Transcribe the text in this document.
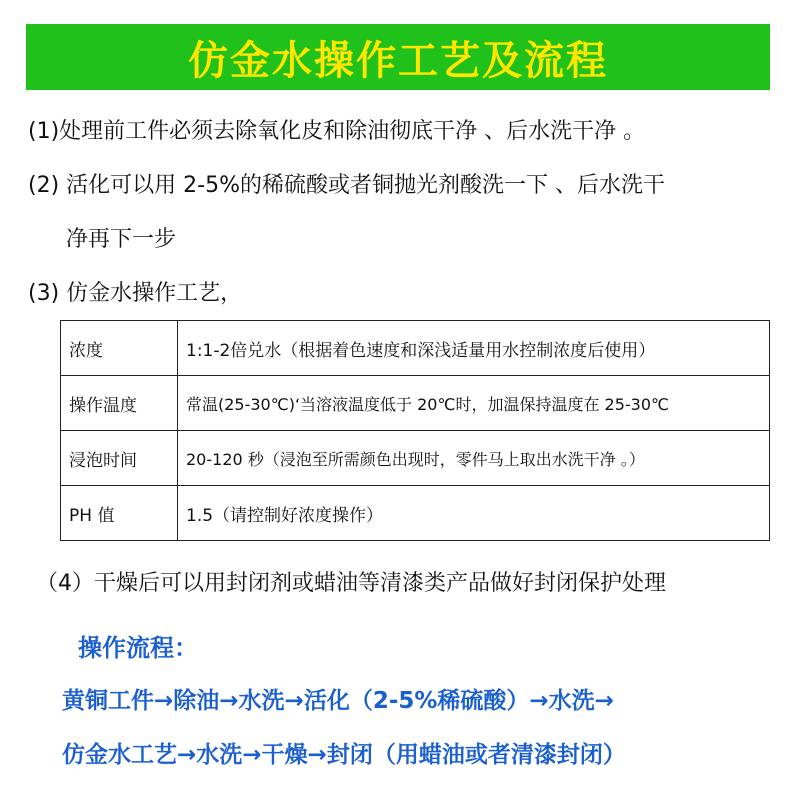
仿金水操作工艺及流程
(1)处理前工件必须去除氧化皮和除油彻底干净 、后水洗干净 。
(2) 活化可以用 2-5%的稀硫酸或者铜抛光剂酸洗一下 、后水洗干
净再下一步
(3) 仿金水操作工艺，
浓度	1:1-2倍兑水（根据着色速度和深浅适量用水控制浓度后使用）
操作温度	常温(25-30℃)‘当溶液温度低于 20℃时，加温保持温度在 25-30℃
浸泡时间	20-120 秒（浸泡至所需颜色出现时，零件马上取出水洗干净 。）
PH 值	1.5（请控制好浓度操作）
（4）干燥后可以用封闭剂或蜡油等清漆类产品做好封闭保护处理
操作流程：
黄铜工件→除油→水洗→活化（2-5%稀硫酸）→水洗→
仿金水工艺→水洗→干燥→封闭（用蜡油或者清漆封闭）
